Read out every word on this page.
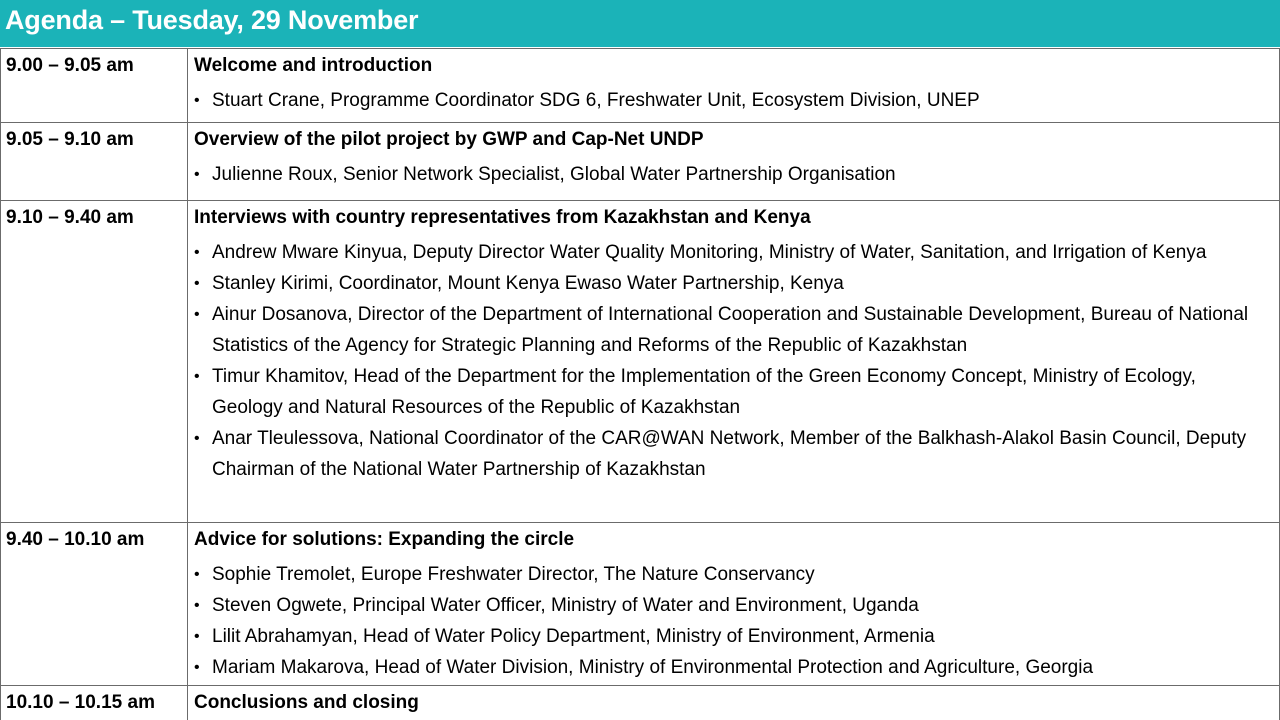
Agenda – Tuesday, 29 November
9.00 – 9.05 am	Welcome and introduction
• Stuart Crane, Programme Coordinator SDG 6, Freshwater Unit, Ecosystem Division, UNEP
9.05 – 9.10 am	Overview of the pilot project by GWP and Cap-Net UNDP
• Julienne Roux, Senior Network Specialist, Global Water Partnership Organisation
9.10 – 9.40 am	Interviews with country representatives from Kazakhstan and Kenya
• Andrew Mware Kinyua, Deputy Director Water Quality Monitoring, Ministry of Water, Sanitation, and Irrigation of Kenya
• Stanley Kirimi, Coordinator, Mount Kenya Ewaso Water Partnership, Kenya
• Ainur Dosanova, Director of the Department of International Cooperation and Sustainable Development, Bureau of National Statistics of the Agency for Strategic Planning and Reforms of the Republic of Kazakhstan
• Timur Khamitov, Head of the Department for the Implementation of the Green Economy Concept, Ministry of Ecology, Geology and Natural Resources of the Republic of Kazakhstan
• Anar Tleulessova, National Coordinator of the CAR@WAN Network, Member of the Balkhash-Alakol Basin Council, Deputy Chairman of the National Water Partnership of Kazakhstan
9.40 – 10.10 am	Advice for solutions: Expanding the circle
• Sophie Tremolet, Europe Freshwater Director, The Nature Conservancy
• Steven Ogwete, Principal Water Officer, Ministry of Water and Environment, Uganda
• Lilit Abrahamyan, Head of Water Policy Department, Ministry of Environment, Armenia
• Mariam Makarova, Head of Water Division, Ministry of Environmental Protection and Agriculture, Georgia
10.10 – 10.15 am Conclusions and closing
